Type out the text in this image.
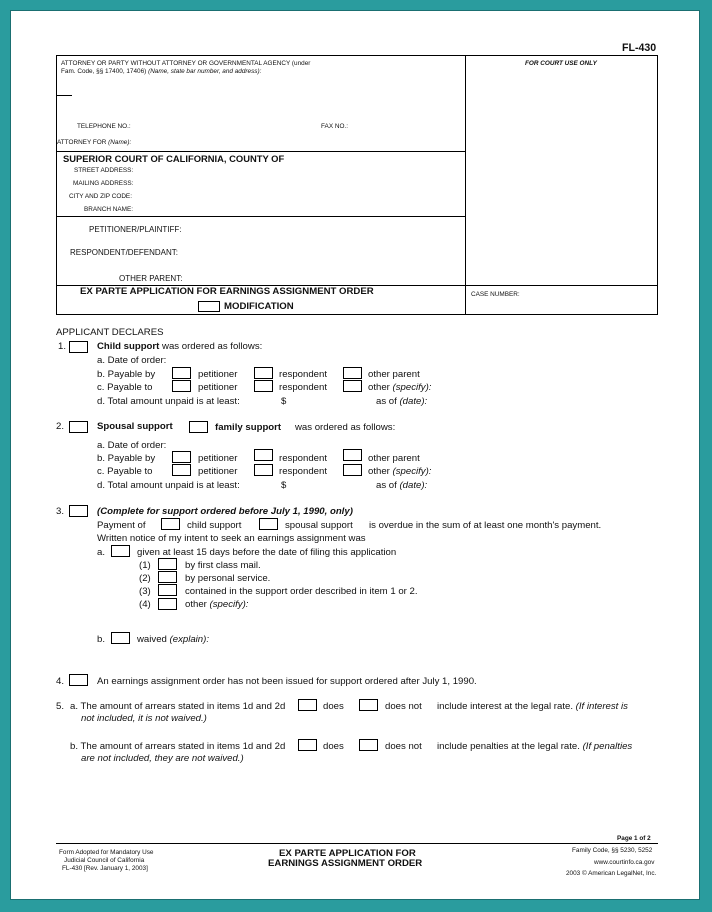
FL-430
ATTORNEY OR PARTY WITHOUT ATTORNEY OR GOVERNMENTAL AGENCY (under
Fam. Code, §§ 17400, 17406) (Name, state bar number, and address):
TELEPHONE NO.:	FAX NO.:
ATTORNEY FOR (Name):
FOR COURT USE ONLY
SUPERIOR COURT OF CALIFORNIA, COUNTY OF
STREET ADDRESS:
MAILING ADDRESS:
CITY AND ZIP CODE:
BRANCH NAME:
PETITIONER/PLAINTIFF:
RESPONDENT/DEFENDANT:
OTHER PARENT:
EX PARTE APPLICATION FOR EARNINGS ASSIGNMENT ORDER
MODIFICATION
CASE NUMBER:
APPLICANT DECLARES
1.	Child support was ordered as follows:
a. Date of order:
b. Payable by	petitioner	respondent	other parent
c. Payable to	petitioner	respondent	other (specify):
d. Total amount unpaid is at least:	$	as of (date):
2.	Spousal support	family support was ordered as follows:
a. Date of order:
b. Payable by	petitioner	respondent	other parent
c. Payable to	petitioner	respondent	other (specify):
d. Total amount unpaid is at least:	$	as of (date):
3.	(Complete for support ordered before July 1, 1990, only)
Payment of	child support	spousal support is overdue in the sum of at least one month's payment.
Written notice of my intent to seek an earnings assignment was
a.	given at least 15 days before the date of filing this application
(1)	by first class mail.
(2)	by personal service.
(3)	contained in the support order described in item 1 or 2.
(4)	other (specify):
b.	waived (explain):
4.	An earnings assignment order has not been issued for support ordered after July 1, 1990.
5. a. The amount of arrears stated in items 1d and 2d	does	does not include interest at the legal rate. (If interest is
not included, it is not waived.)
b. The amount of arrears stated in items 1d and 2d	does	does not include penalties at the legal rate. (If penalties
are not included, they are not waived.)
Page 1 of 2
Form Adopted for Mandatory Use
Judicial Council of California
FL-430 [Rev. January 1, 2003]
EX PARTE APPLICATION FOR
EARNINGS ASSIGNMENT ORDER
Family Code, §§ 5230, 5252
www.courtinfo.ca.gov
2003 © American LegalNet, Inc.
